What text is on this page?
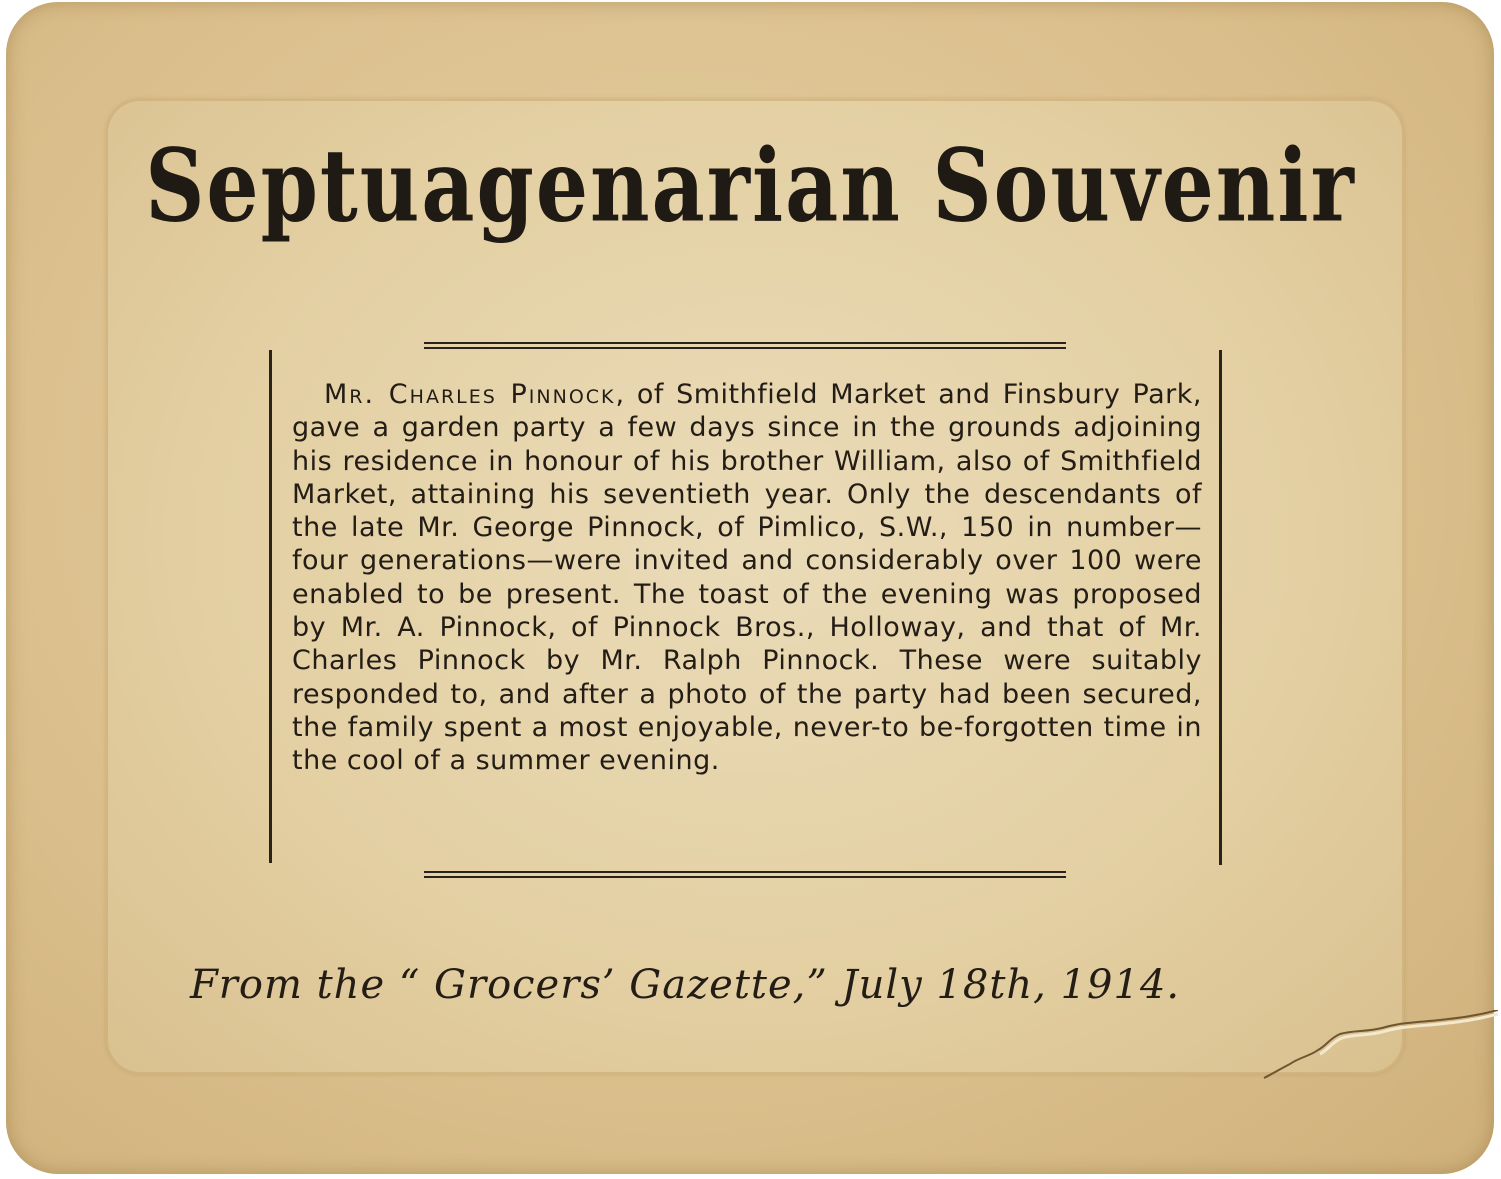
Septuagenarian Souvenir

Mr. Charles Pinnock, of Smithfield Market and Finsbury Park, gave a garden party a few days since in the grounds adjoining his residence in honour of his brother William, also of Smithfield Market, attaining his seventieth year. Only the descendants of the late Mr. George Pinnock, of Pimlico, S.W., 150 in number—four generations—were invited and considerably over 100 were enabled to be present. The toast of the evening was proposed by Mr. A. Pinnock, of Pinnock Bros., Holloway, and that of Mr. Charles Pinnock by Mr. Ralph Pinnock. These were suitably responded to, and after a photo of the party had been secured, the family spent a most enjoyable, never-to be-forgotten time in the cool of a summer evening.

From the “ Grocers’ Gazette,” July 18th, 1914.
